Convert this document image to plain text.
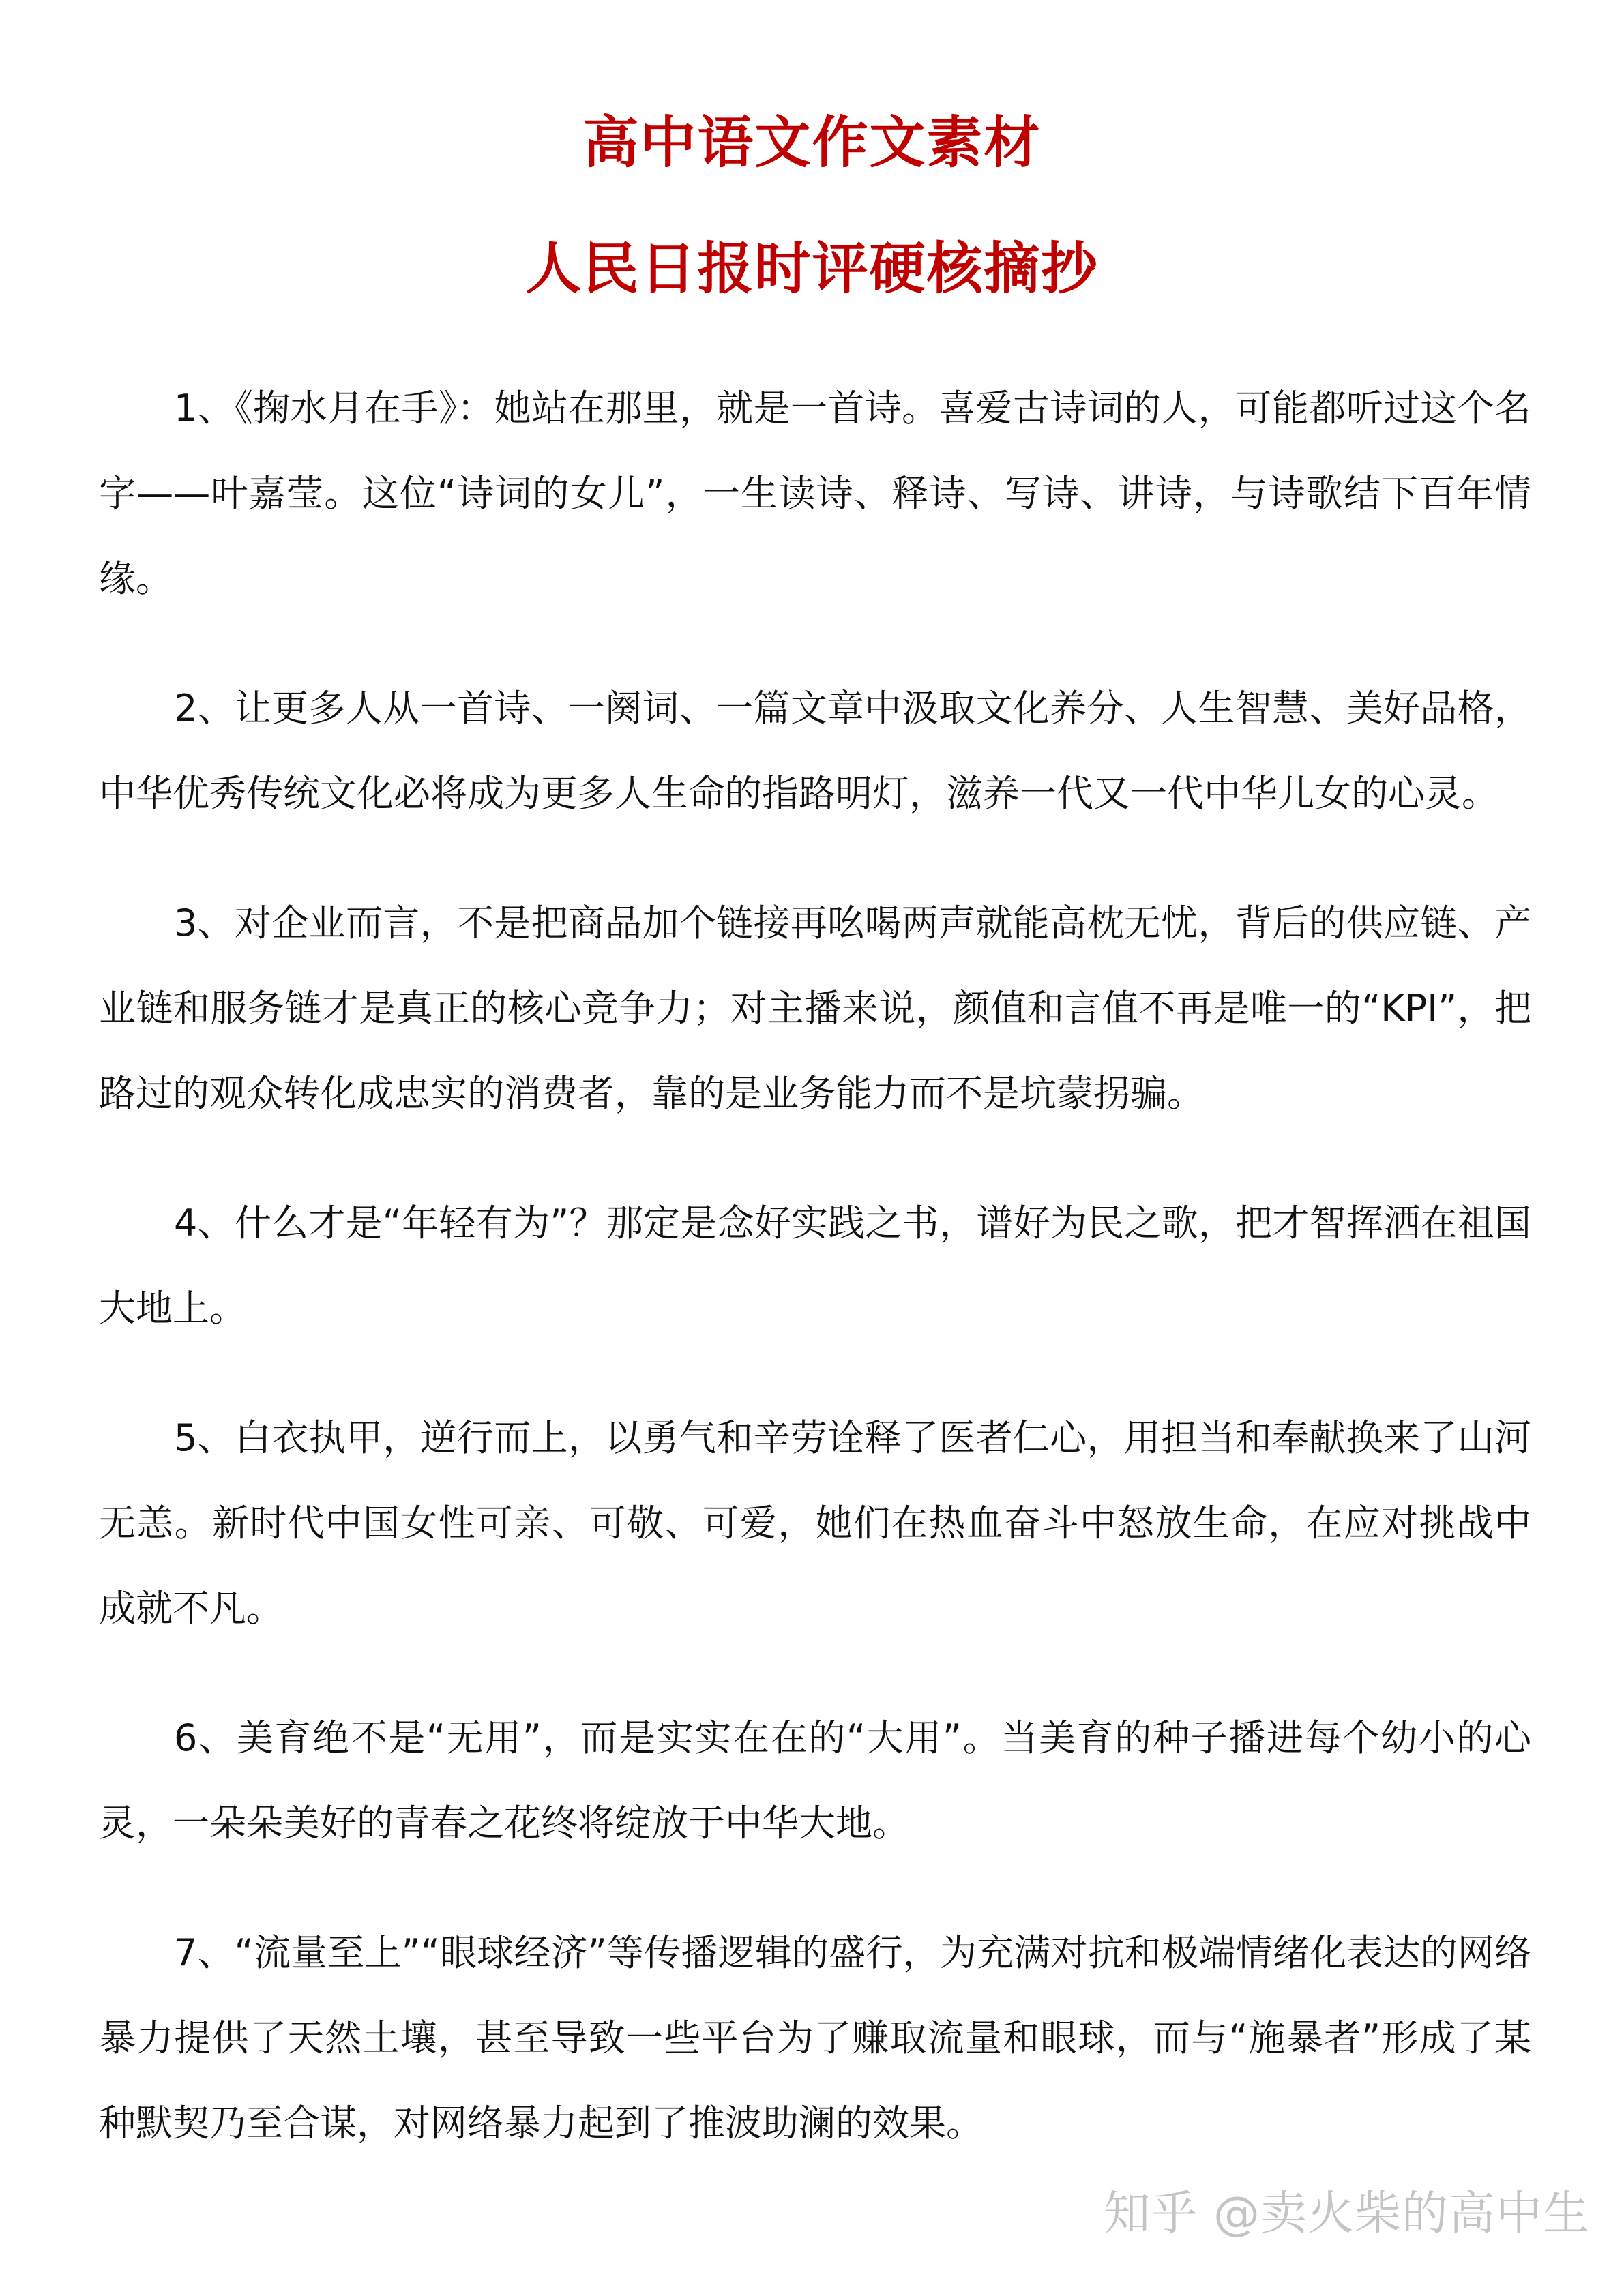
高中语文作文素材
人民日报时评硬核摘抄

1、《掬水月在手》：她站在那里，就是一首诗。喜爱古诗词的人，可能都听过这个名字——叶嘉莹。这位“诗词的女儿”，一生读诗、释诗、写诗、讲诗，与诗歌结下百年情缘。

2、让更多人从一首诗、一阕词、一篇文章中汲取文化养分、人生智慧、美好品格，中华优秀传统文化必将成为更多人生命的指路明灯，滋养一代又一代中华儿女的心灵。

3、对企业而言，不是把商品加个链接再吆喝两声就能高枕无忧，背后的供应链、产业链和服务链才是真正的核心竞争力；对主播来说，颜值和言值不再是唯一的“KPI”，把路过的观众转化成忠实的消费者，靠的是业务能力而不是坑蒙拐骗。

4、什么才是“年轻有为”？那定是念好实践之书，谱好为民之歌，把才智挥洒在祖国大地上。

5、白衣执甲，逆行而上，以勇气和辛劳诠释了医者仁心，用担当和奉献换来了山河无恙。新时代中国女性可亲、可敬、可爱，她们在热血奋斗中怒放生命，在应对挑战中成就不凡。

6、美育绝不是“无用”，而是实实在在的“大用”。当美育的种子播进每个幼小的心灵，一朵朵美好的青春之花终将绽放于中华大地。

7、“流量至上”“眼球经济”等传播逻辑的盛行，为充满对抗和极端情绪化表达的网络暴力提供了天然土壤，甚至导致一些平台为了赚取流量和眼球，而与“施暴者”形成了某种默契乃至合谋，对网络暴力起到了推波助澜的效果。

知乎 @卖火柴的高中生
